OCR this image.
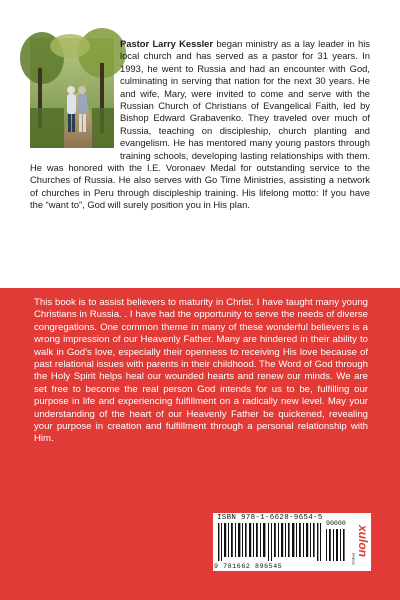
Pastor Larry Kessler began ministry as a lay leader in his local church and has served as a pastor for 31 years. In 1993, he went to Russia and had an encounter with God, culminating in serving that nation for the next 30 years. He and wife, Mary, were invited to come and serve with the Russian Church of Christians of Evangelical Faith, led by Bishop Edward Grabavenko. They traveled over much of Russia, teaching on discipleship, church planting and evangelism. He has mentored many young pastors through training schools, developing lasting relationships with them. He was honored with the I.E. Voronaev Medal for outstanding service to the Churches of Russia. He also serves with Go Time Ministries, assisting a network of churches in Peru through discipleship training. His lifelong motto: If you have the “want to”, God will surely position you in His plan.
This book is to assist believers to maturity in Christ. I have taught many young Christians in Russia. . I have had the opportunity to serve the needs of diverse congregations. One common theme in many of these wonderful believers is a wrong impression of our Heavenly Father. Many are hindered in their ability to walk in God’s love, especially their openness to receiving His love because of past relational issues with parents in their childhood. The Word of God through the Holy Spirit helps heal our wounded hearts and renew our minds. We are set free to become the real person God intends for us to be, fulfilling our purpose in life and experiencing fulfillment on a radically new level. May your understanding of the heart of our Heavenly Father be quickened, revealing your purpose in creation and fulfillment through a personal relationship with Him.
ISBN 978-1-6628-9654-5
90000
9 781662 896545
xulon
PRESS
